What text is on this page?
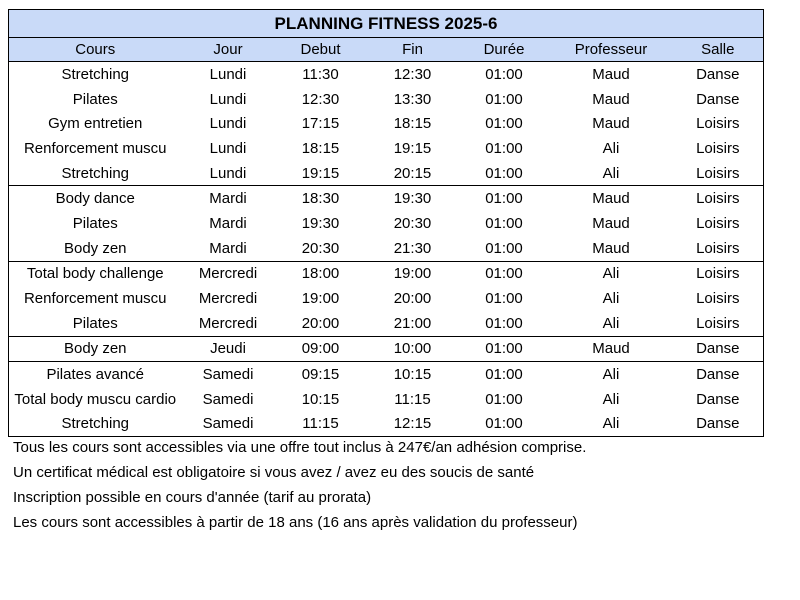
PLANNING FITNESS 2025-6						
Cours	Jour	Debut	Fin	Durée	Professeur	Salle
Stretching	Lundi	11:30	12:30	01:00	Maud	Danse
Pilates	Lundi	12:30	13:30	01:00	Maud	Danse
Gym entretien	Lundi	17:15	18:15	01:00	Maud	Loisirs
Renforcement muscu	Lundi	18:15	19:15	01:00	Ali	Loisirs
Stretching	Lundi	19:15	20:15	01:00	Ali	Loisirs
Body dance	Mardi	18:30	19:30	01:00	Maud	Loisirs
Pilates	Mardi	19:30	20:30	01:00	Maud	Loisirs
Body zen	Mardi	20:30	21:30	01:00	Maud	Loisirs
Total body challenge	Mercredi	18:00	19:00	01:00	Ali	Loisirs
Renforcement muscu	Mercredi	19:00	20:00	01:00	Ali	Loisirs
Pilates	Mercredi	20:00	21:00	01:00	Ali	Loisirs
Body zen	Jeudi	09:00	10:00	01:00	Maud	Danse
Pilates avancé	Samedi	09:15	10:15	01:00	Ali	Danse
Total body muscu cardio	Samedi	10:15	11:15	01:00	Ali	Danse
Stretching	Samedi	11:15	12:15	01:00	Ali	Danse
Tous les cours sont accessibles via une offre tout inclus à 247€/an adhésion comprise.
Un certificat médical est obligatoire si vous avez / avez eu des soucis de santé
Inscription possible en cours d'année (tarif au prorata)
Les cours sont accessibles à partir de 18 ans (16 ans après validation du professeur)
